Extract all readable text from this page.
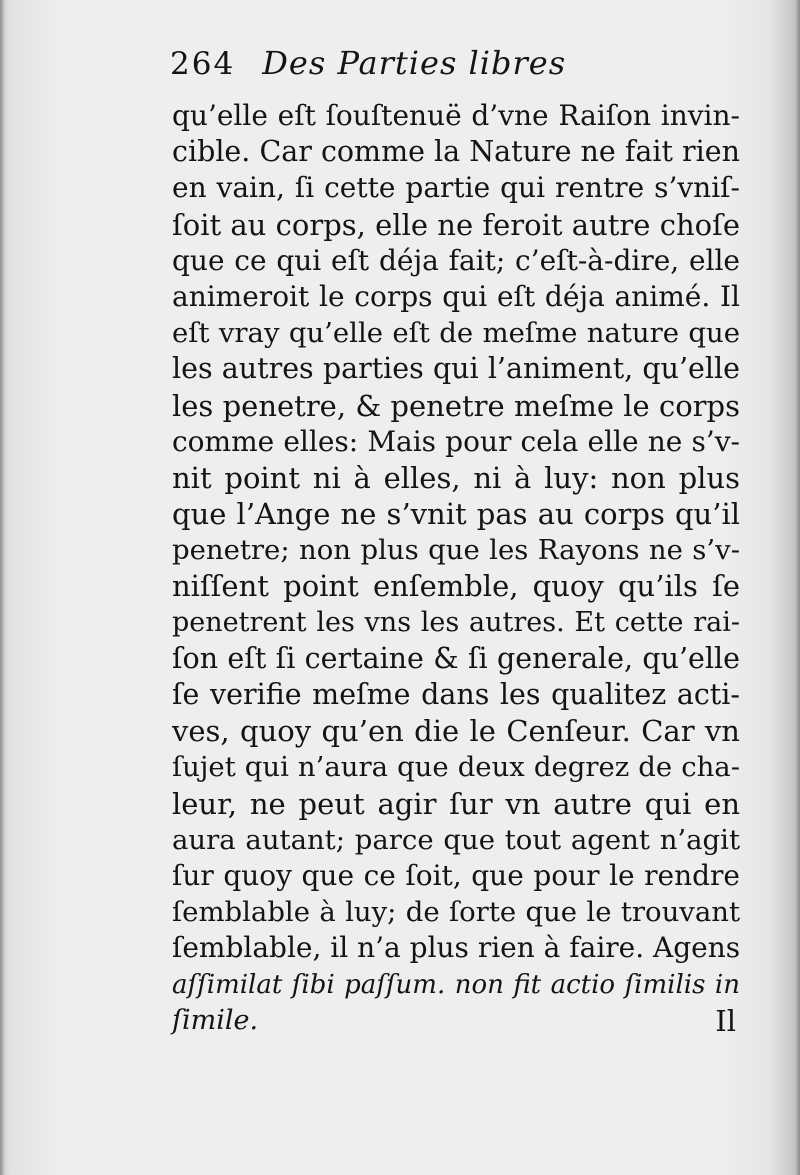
264 Des Parties libres
qu’elle eſt ſouſtenuë d’vne Raiſon invin-
cible. Car comme la Nature ne fait rien
en vain, ſi cette partie qui rentre s’vniſ-
ſoit au corps, elle ne feroit autre choſe
que ce qui eſt déja fait; c’eſt-à-dire, elle
animeroit le corps qui eſt déja animé. Il
eſt vray qu’elle eſt de meſme nature que
les autres parties qui l’animent, qu’elle
les penetre, & penetre meſme le corps
comme elles: Mais pour cela elle ne s’v-
nit point ni à elles, ni à luy: non plus
que l’Ange ne s’vnit pas au corps qu’il
penetre; non plus que les Rayons ne s’v-
niſſent point enſemble, quoy qu’ils ſe
penetrent les vns les autres. Et cette rai-
ſon eſt ſi certaine & ſi generale, qu’elle
ſe verifie meſme dans les qualitez acti-
ves, quoy qu’en die le Cenſeur. Car vn
ſujet qui n’aura que deux degrez de cha-
leur, ne peut agir ſur vn autre qui en
aura autant; parce que tout agent n’agit
ſur quoy que ce ſoit, que pour le rendre
ſemblable à luy; de ſorte que le trouvant
ſemblable, il n’a plus rien à faire. Agens
aſſimilat ſibi paſſum. non fit actio ſimilis in
ſimile.	Il
